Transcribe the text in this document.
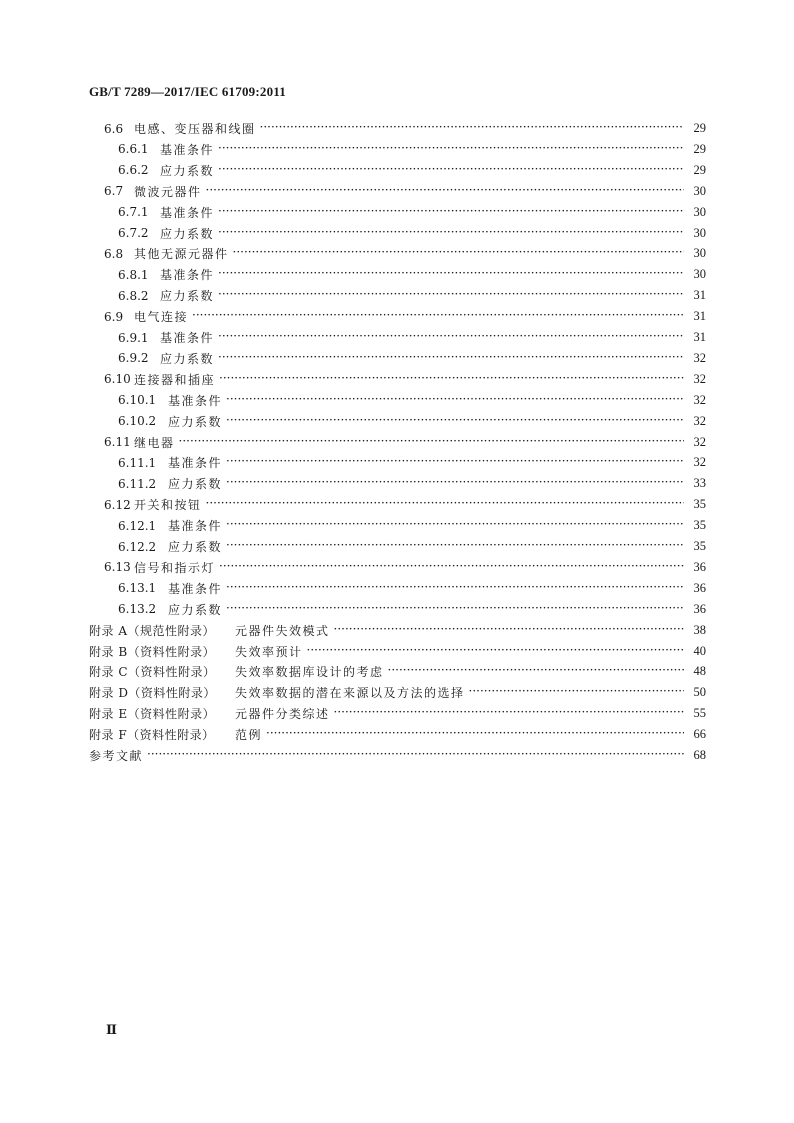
GB/T 7289—2017/IEC 61709:2011
6.6 电感、变压器和线圈 ·····	29
6.6.1 基准条件 ·····	29
6.6.2 应力系数 ·····	29
6.7 微波元器件 ·····	30
6.7.1 基准条件 ·····	30
6.7.2 应力系数 ·····	30
6.8 其他无源元器件 ·····	30
6.8.1 基准条件 ·····	30
6.8.2 应力系数 ·····	31
6.9 电气连接 ·····	31
6.9.1 基准条件 ·····	31
6.9.2 应力系数 ·····	32
6.10 连接器和插座 ·····	32
6.10.1 基准条件 ·····	32
6.10.2 应力系数 ·····	32
6.11 继电器 ·····	32
6.11.1 基准条件 ·····	32
6.11.2 应力系数 ·····	33
6.12 开关和按钮 ·····	35
6.12.1 基准条件 ·····	35
6.12.2 应力系数 ·····	35
6.13 信号和指示灯 ·····	36
6.13.1 基准条件 ·····	36
6.13.2 应力系数 ·····	36
附录 A（规范性附录）	元器件失效模式 ·····	38
附录 B（资料性附录）	失效率预计 ·····	40
附录 C（资料性附录）	失效率数据库设计的考虑 ·····	48
附录 D（资料性附录）	失效率数据的潜在来源以及方法的选择 ·····	50
附录 E（资料性附录）	元器件分类综述 ·····	55
附录 F（资料性附录）	范例 ·····	66
参考文献 ·····	68
Ⅱ
